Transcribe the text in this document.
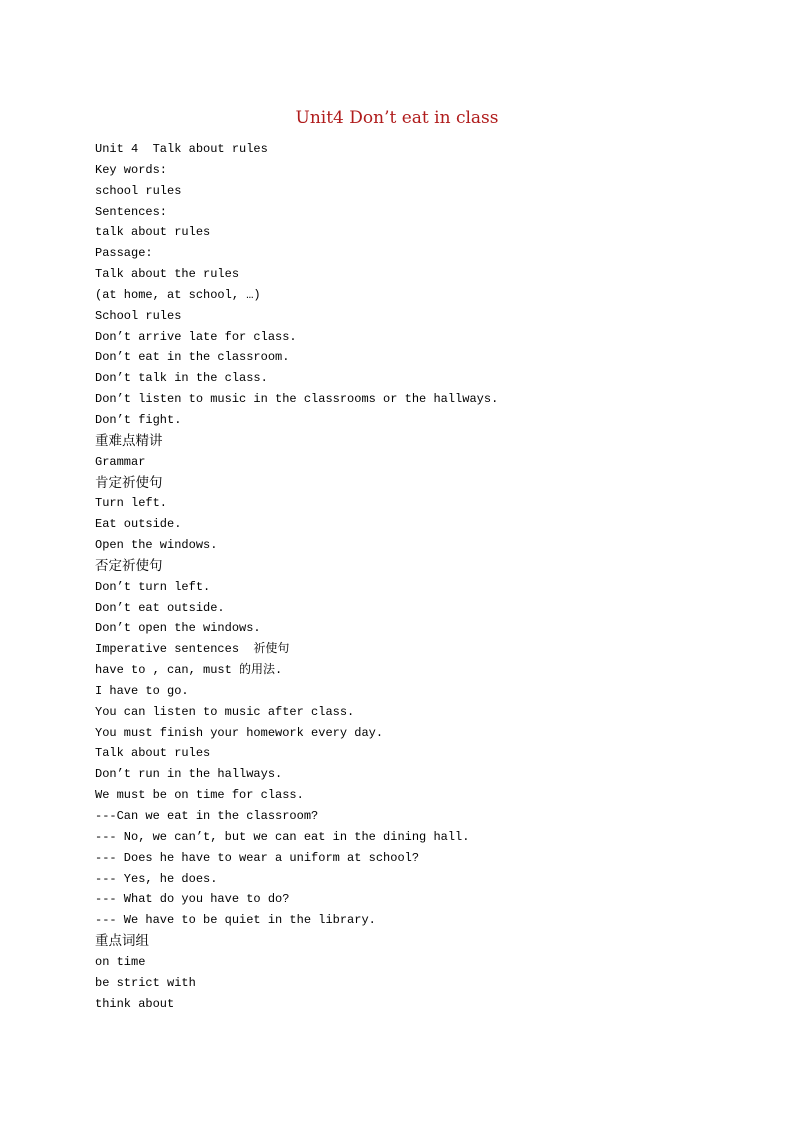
Unit4 Don’t eat in class
Unit 4  Talk about rules
Key words:
school rules
Sentences:
talk about rules
Passage:
Talk about the rules
(at home, at school, …)
School rules
Don’t arrive late for class.
Don’t eat in the classroom.
Don’t talk in the class.
Don’t listen to music in the classrooms or the hallways.
Don’t fight.
重难点精讲
Grammar
肯定祈使句
Turn left.
Eat outside.
Open the windows.
否定祈使句
Don’t turn left.
Don’t eat outside.
Don’t open the windows.
Imperative sentences  祈使句
have to , can, must 的用法.
I have to go.
You can listen to music after class.
You must finish your homework every day.
Talk about rules
Don’t run in the hallways.
We must be on time for class.
---Can we eat in the classroom?
--- No, we can’t, but we can eat in the dining hall.
--- Does he have to wear a uniform at school?
--- Yes, he does.
--- What do you have to do?
--- We have to be quiet in the library.
重点词组
on time
be strict with
think about
